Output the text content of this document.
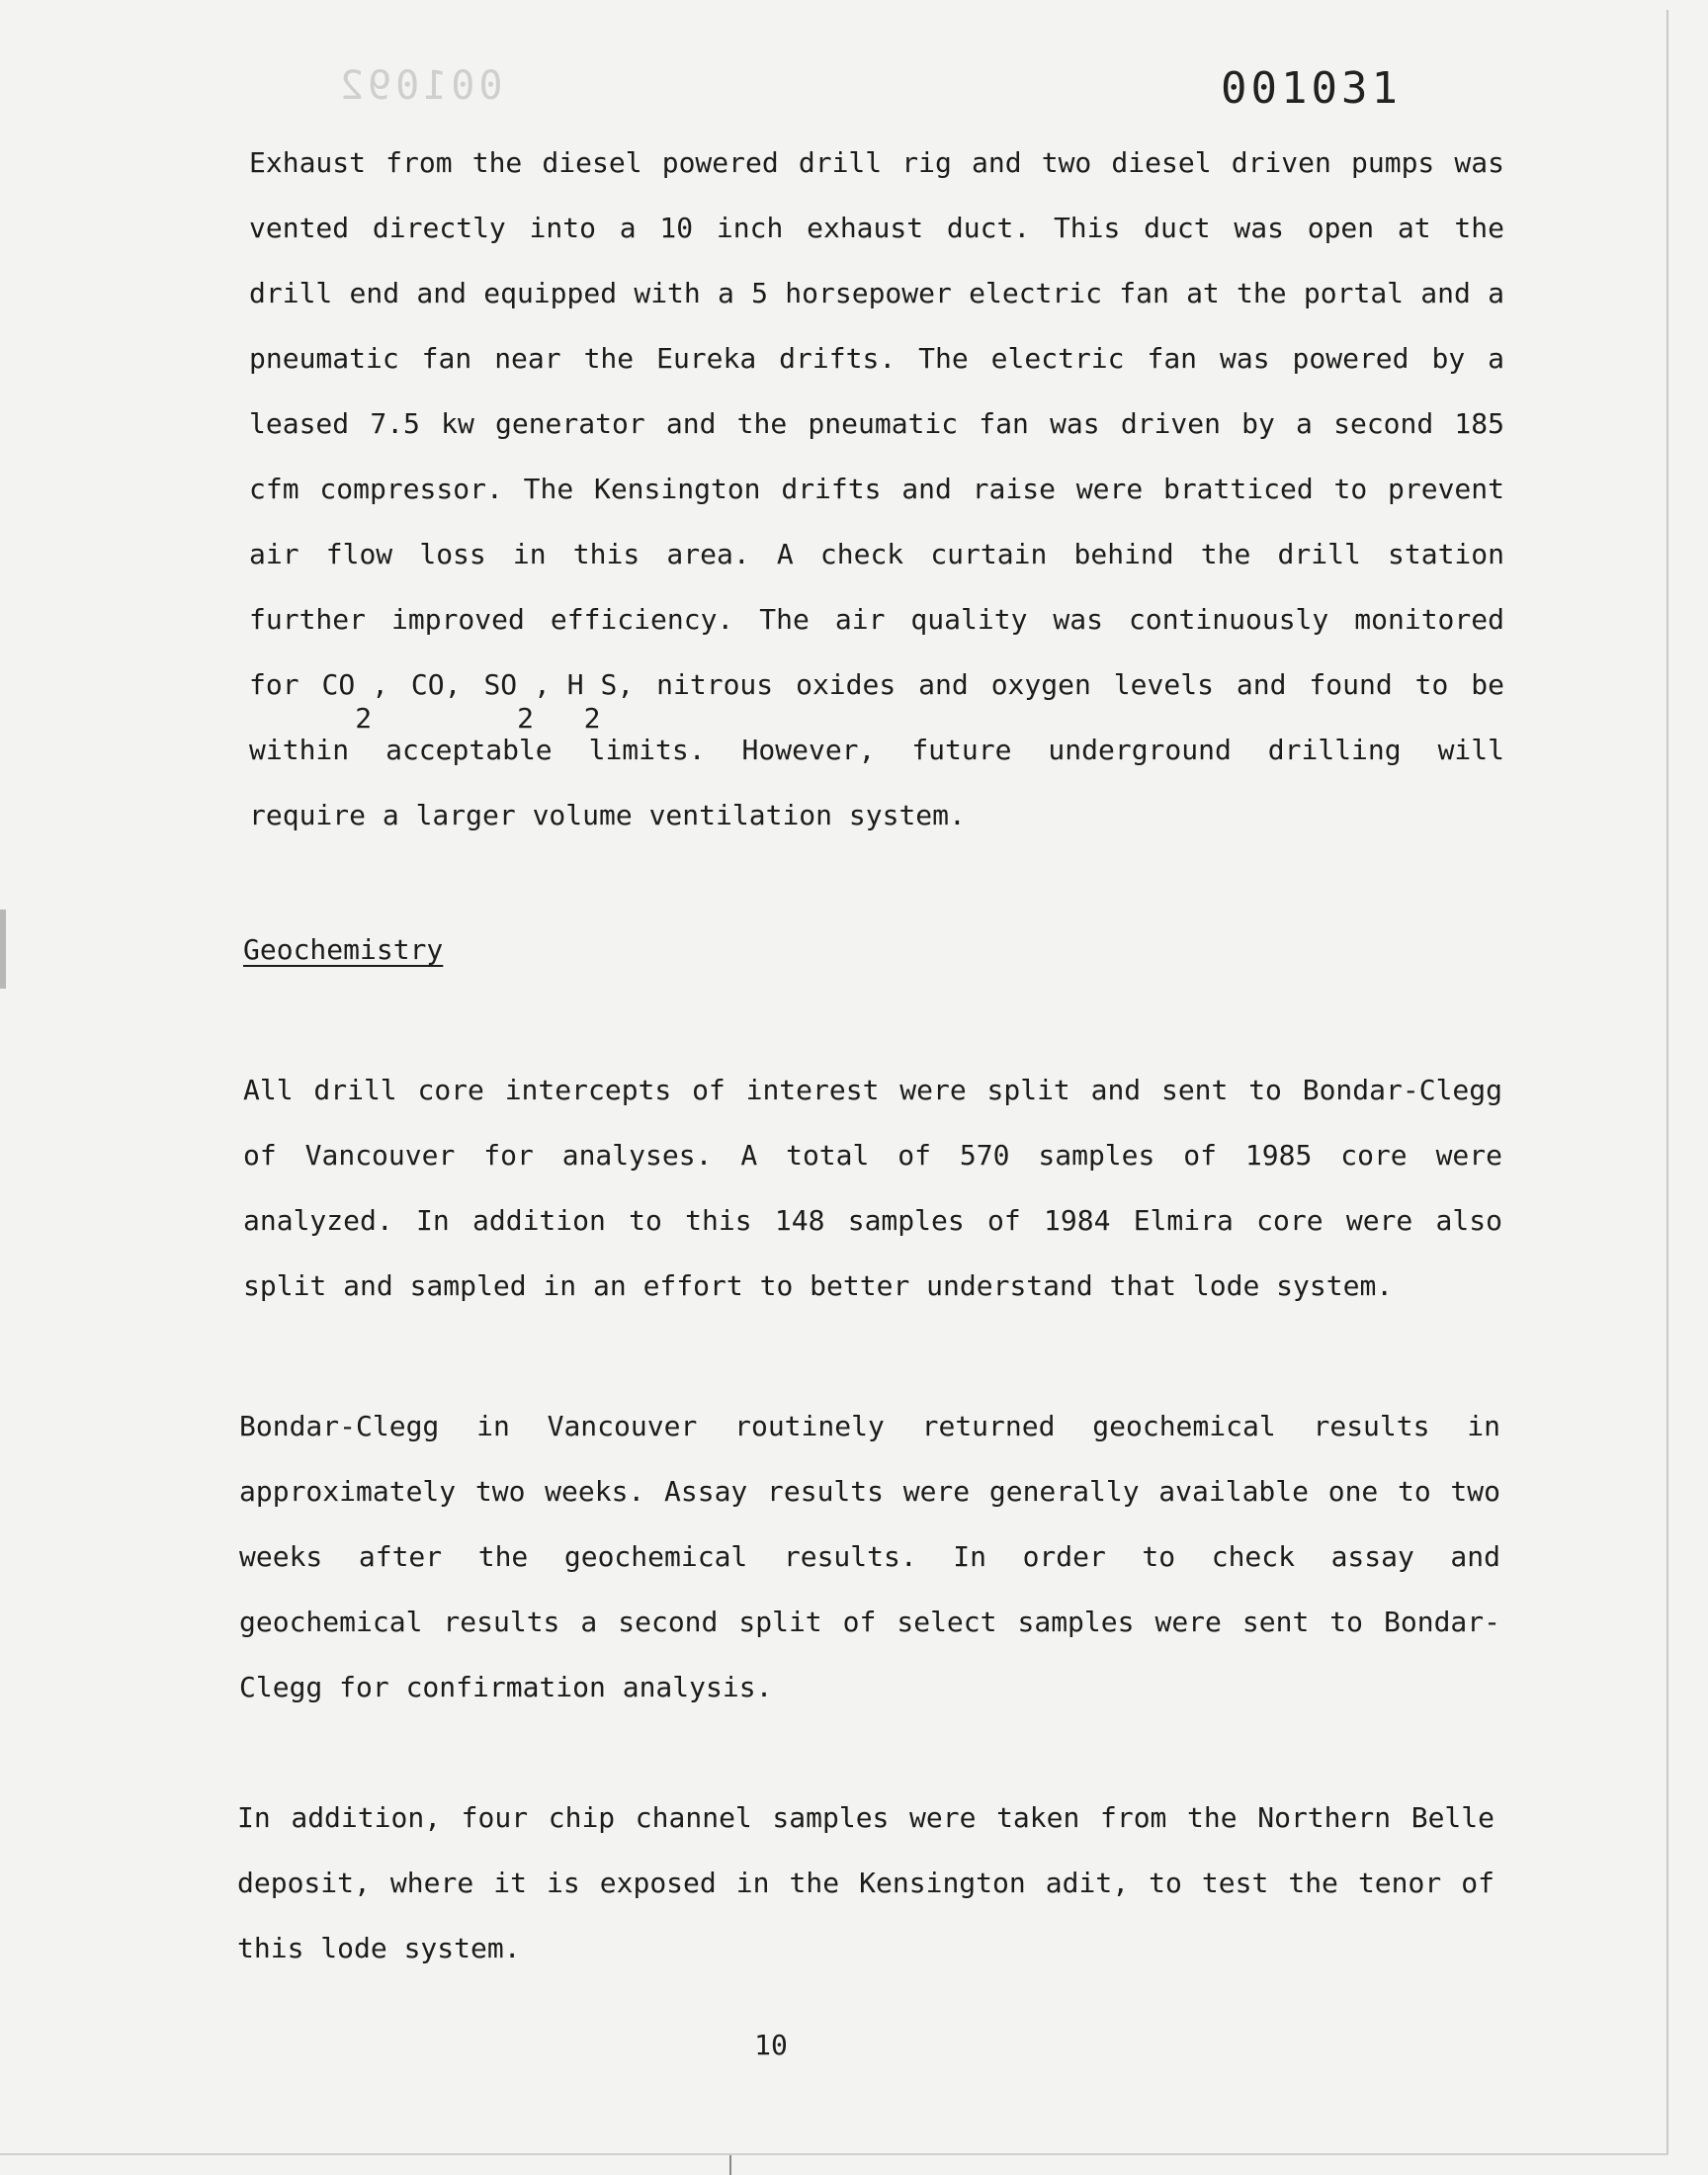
001092	001031
Exhaust from the diesel powered drill rig and two diesel driven pumps was
vented directly into a 10 inch exhaust duct. This duct was open at the
drill end and equipped with a 5 horsepower electric fan at the portal and a
pneumatic fan near the Eureka drifts. The electric fan was powered by a
leased 7.5 kw generator and the pneumatic fan was driven by a second 185
cfm compressor. The Kensington drifts and raise were bratticed to prevent
air flow loss in this area. A check curtain behind the drill station
further improved efficiency. The air quality was continuously monitored
for $CO_2$, CO, $SO_2$, $H_2S$, nitrous oxides and oxygen levels and found to be
within acceptable limits. However, future underground drilling will
require a larger volume ventilation system.
Geochemistry
All drill core intercepts of interest were split and sent to Bondar-Clegg
of Vancouver for analyses. A total of 570 samples of 1985 core were
analyzed. In addition to this 148 samples of 1984 Elmira core were also
split and sampled in an effort to better understand that lode system.
Bondar-Clegg in Vancouver routinely returned geochemical results in
approximately two weeks. Assay results were generally available one to two
weeks after the geochemical results. In order to check assay and
geochemical results a second split of select samples were sent to Bondar-
Clegg for confirmation analysis.
In addition, four chip channel samples were taken from the Northern Belle
deposit, where it is exposed in the Kensington adit, to test the tenor of
this lode system.
10
